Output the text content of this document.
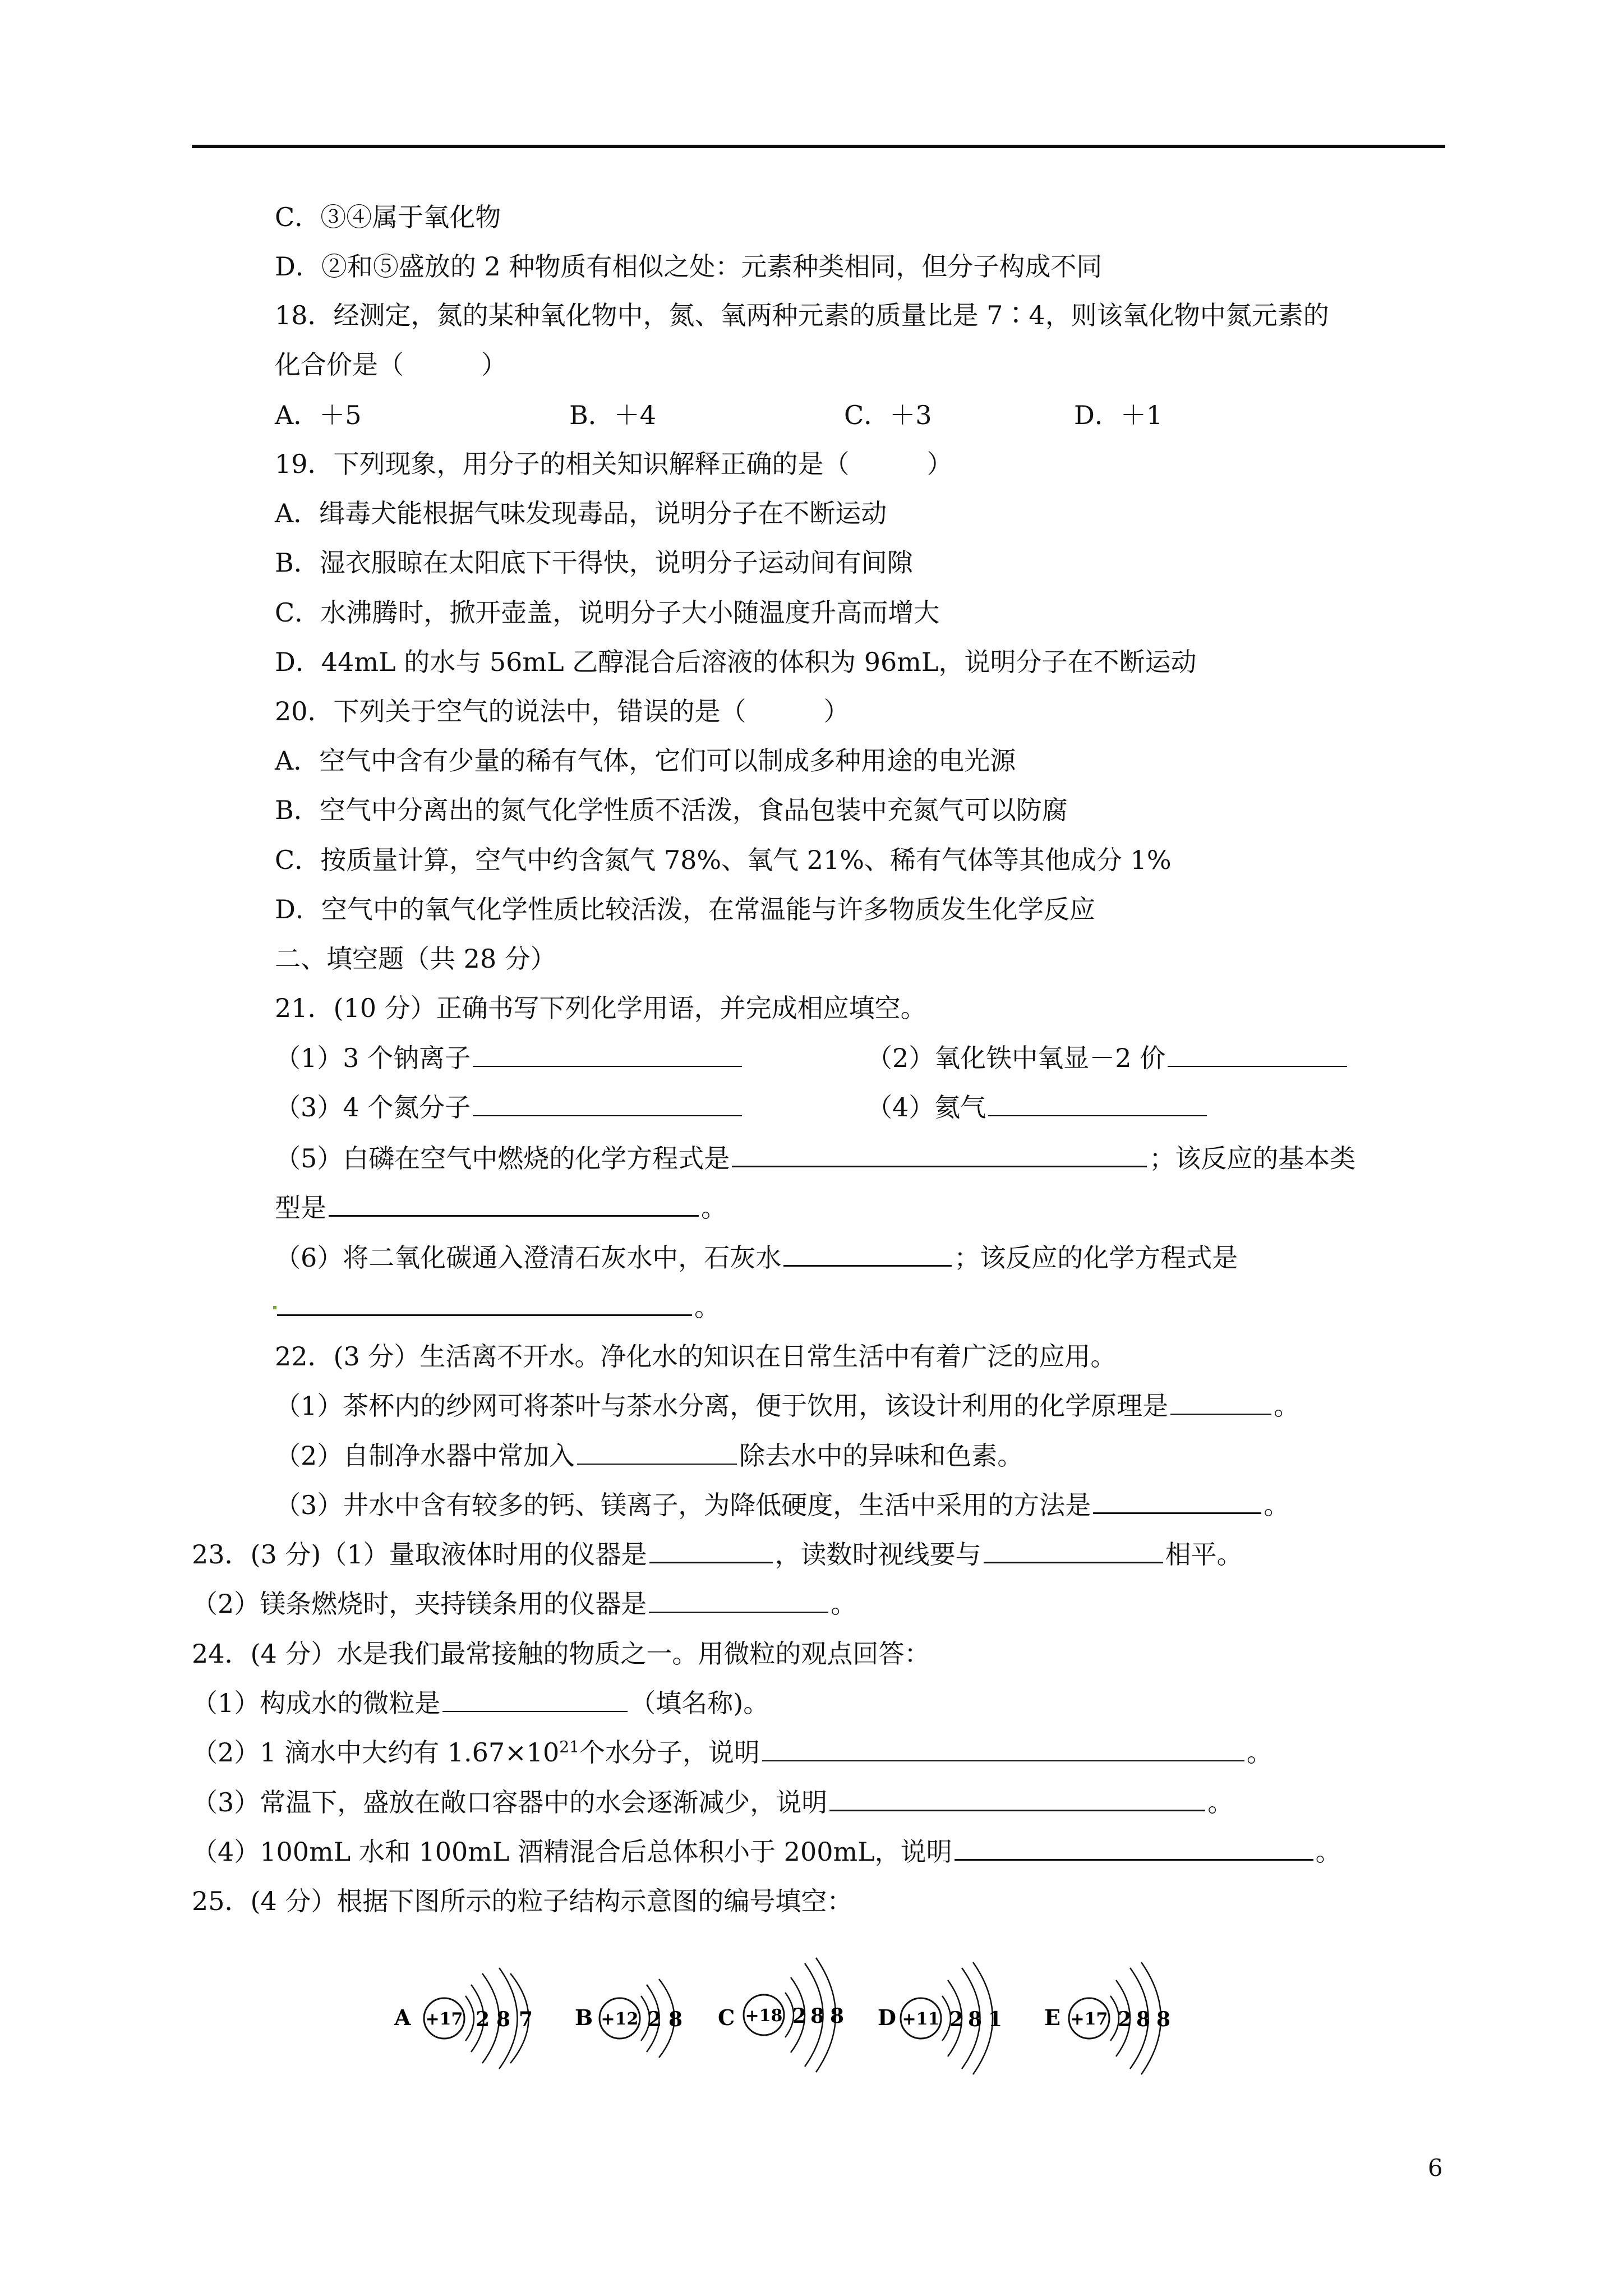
C．③④属于氧化物
D．②和⑤盛放的 2 种物质有相似之处：元素种类相同，但分子构成不同
18．经测定，氮的某种氧化物中，氮、氧两种元素的质量比是 7∶4，则该氧化物中氮元素的
化合价是（　　　）
A．＋5	B．＋4	C．＋3	D．＋1
19．下列现象，用分子的相关知识解释正确的是（　　　）
A．缉毒犬能根据气味发现毒品，说明分子在不断运动
B．湿衣服晾在太阳底下干得快，说明分子运动间有间隙
C．水沸腾时，掀开壶盖，说明分子大小随温度升高而增大
D．44mL 的水与 56mL 乙醇混合后溶液的体积为 96mL，说明分子在不断运动
20．下列关于空气的说法中，错误的是（　　　）
A．空气中含有少量的稀有气体，它们可以制成多种用途的电光源
B．空气中分离出的氮气化学性质不活泼，食品包装中充氮气可以防腐
C．按质量计算，空气中约含氮气 78%、氧气 21%、稀有气体等其他成分 1%
D．空气中的氧气化学性质比较活泼，在常温能与许多物质发生化学反应
二、填空题（共 28 分）
21．(10 分）正确书写下列化学用语，并完成相应填空。
（1）3 个钠离子	（2）氧化铁中氧显－2 价
（3）4 个氮分子	（4）氦气
（5）白磷在空气中燃烧的化学方程式是	；该反应的基本类
型是	。
（6）将二氧化碳通入澄清石灰水中，石灰水	；该反应的化学方程式是
。
22．(3 分）生活离不开水。净化水的知识在日常生活中有着广泛的应用。
（1）茶杯内的纱网可将茶叶与茶水分离，便于饮用，该设计利用的化学原理是	。
（2）自制净水器中常加入	除去水中的异味和色素。
（3）井水中含有较多的钙、镁离子，为降低硬度，生活中采用的方法是	。
23．(3 分)（1）量取液体时用的仪器是	，读数时视线要与	相平。
（2）镁条燃烧时，夹持镁条用的仪器是	。
24．(4 分）水是我们最常接触的物质之一。用微粒的观点回答：
（1）构成水的微粒是	（填名称)。
（2）1 滴水中大约有 $1.67\times 10^{21}$个水分子，说明	。
（3）常温下，盛放在敞口容器中的水会逐渐减少，说明	。
（4）100mL 水和 100mL 酒精混合后总体积小于 200mL，说明	。
25．(4 分）根据下图所示的粒子结构示意图的编号填空：
A +17 2 8 7 B +12 2 8 C +18 2 8 8 D +11 2 8 1 E +17 2 8 8
6
